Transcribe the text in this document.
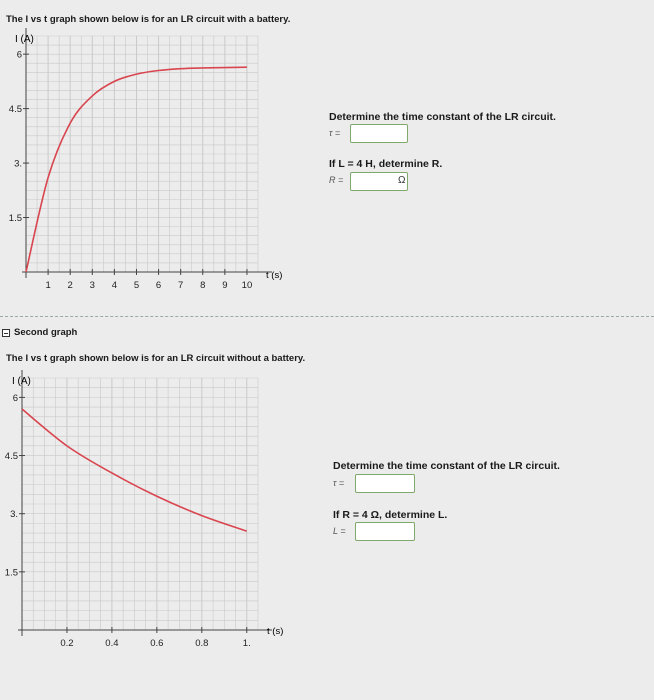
The I vs t graph shown below is for an LR circuit with a battery.
1.5
3.
4.5
6
1 2 3 4 5 6 7 8 9 10
I (A)
t (s)
Determine the time constant of the LR circuit.
τ =
If L = 4 H, determine R.
R =	Ω
Second graph
The I vs t graph shown below is for an LR circuit without a battery.
1.5
3.
4.5
6
0.2	0.4	0.6	0.8	1.
I (A)
t (s)
Determine the time constant of the LR circuit.
τ =
If R = 4 Ω, determine L.
L =
